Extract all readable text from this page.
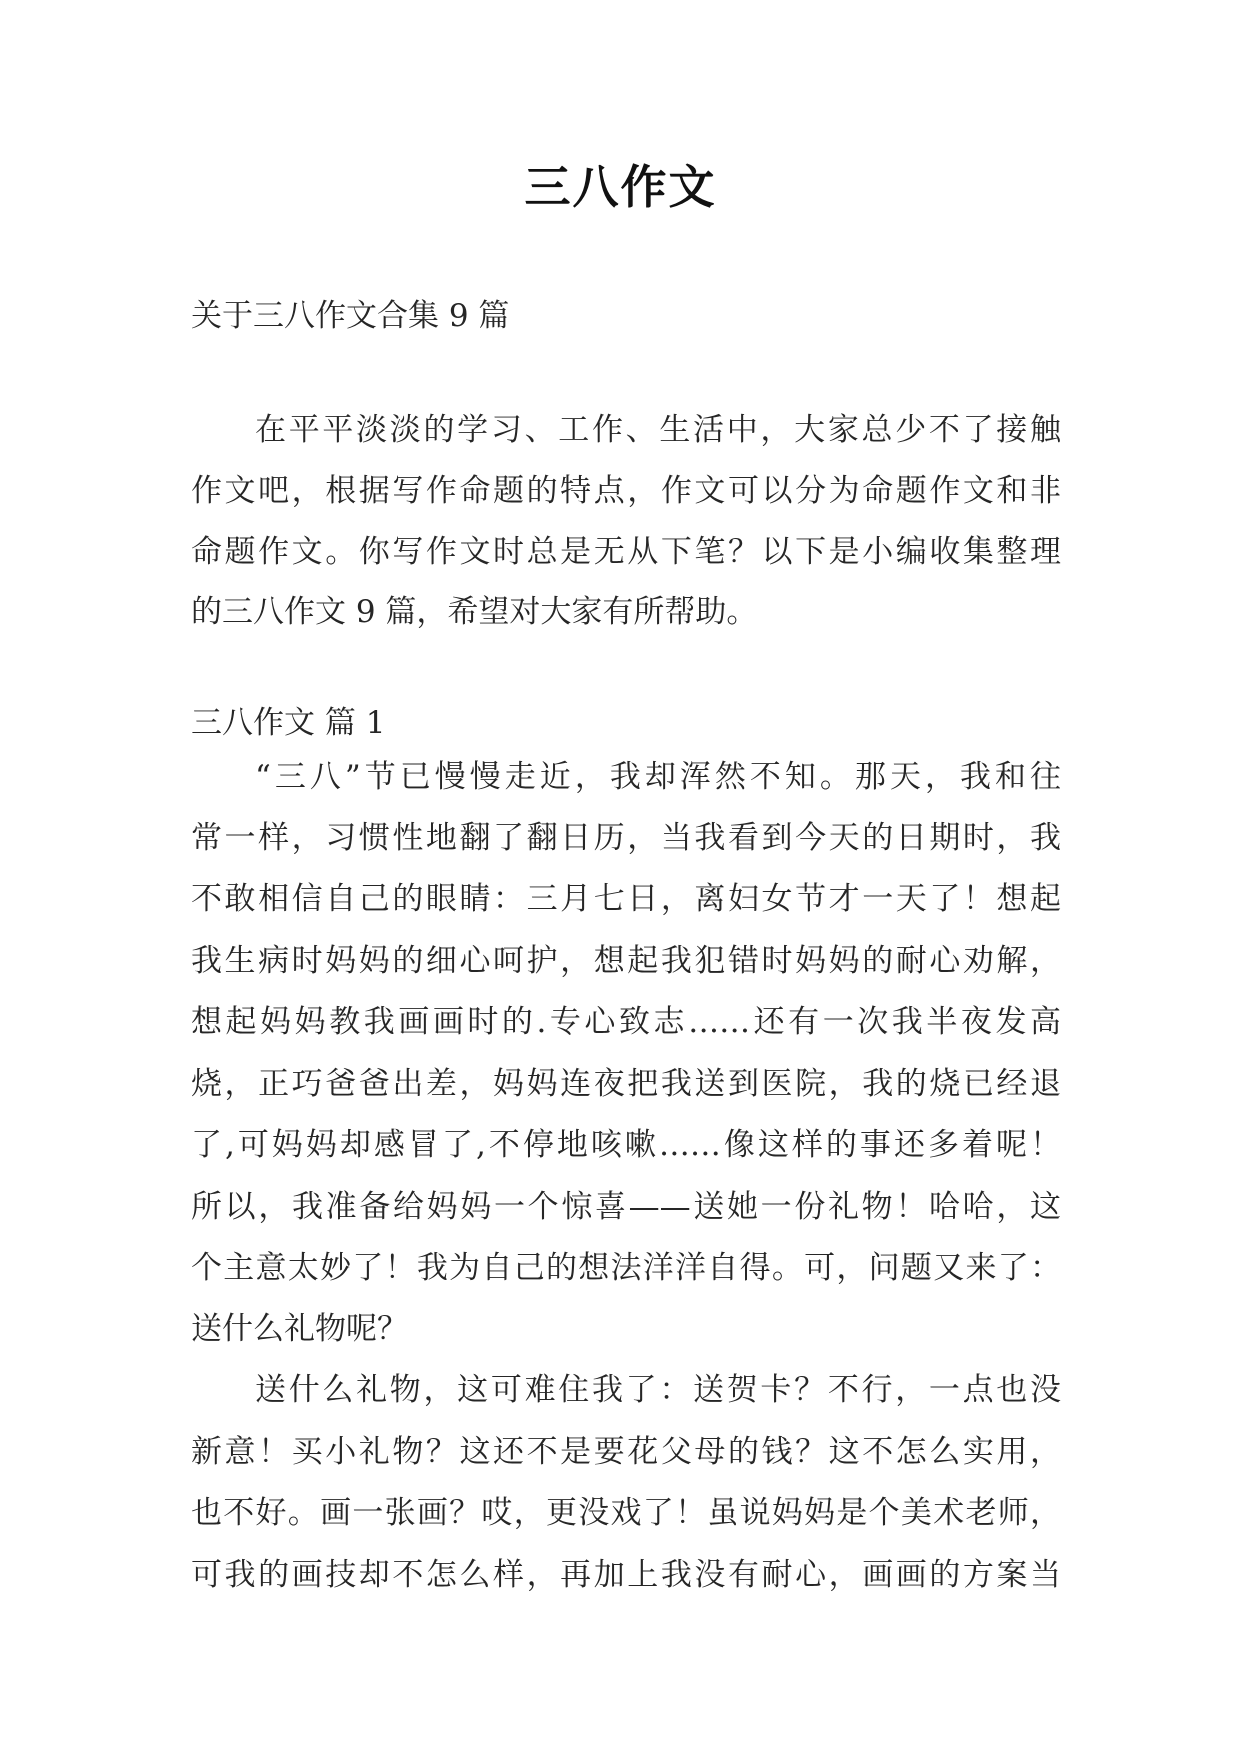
三八作文
关于三八作文合集 9 篇
在平平淡淡的学习、工作、生活中，大家总少不了接触
作文吧，根据写作命题的特点，作文可以分为命题作文和非
命题作文。你写作文时总是无从下笔？以下是小编收集整理
的三八作文 9 篇，希望对大家有所帮助。
三八作文 篇 1
“三八”节已慢慢走近，我却浑然不知。那天，我和往
常一样，习惯性地翻了翻日历，当我看到今天的日期时，我
不敢相信自己的眼睛：三月七日，离妇女节才一天了！想起
我生病时妈妈的细心呵护，想起我犯错时妈妈的耐心劝解，
想起妈妈教我画画时的.专心致志……还有一次我半夜发高
烧，正巧爸爸出差，妈妈连夜把我送到医院，我的烧已经退
了,可妈妈却感冒了,不停地咳嗽……像这样的事还多着呢！
所以，我准备给妈妈一个惊喜——送她一份礼物！哈哈，这
个主意太妙了！我为自己的想法洋洋自得。可，问题又来了：
送什么礼物呢？
送什么礼物，这可难住我了：送贺卡？不行，一点也没
新意！买小礼物？这还不是要花父母的钱？这不怎么实用，
也不好。画一张画？哎，更没戏了！虽说妈妈是个美术老师，
可我的画技却不怎么样，再加上我没有耐心，画画的方案当
